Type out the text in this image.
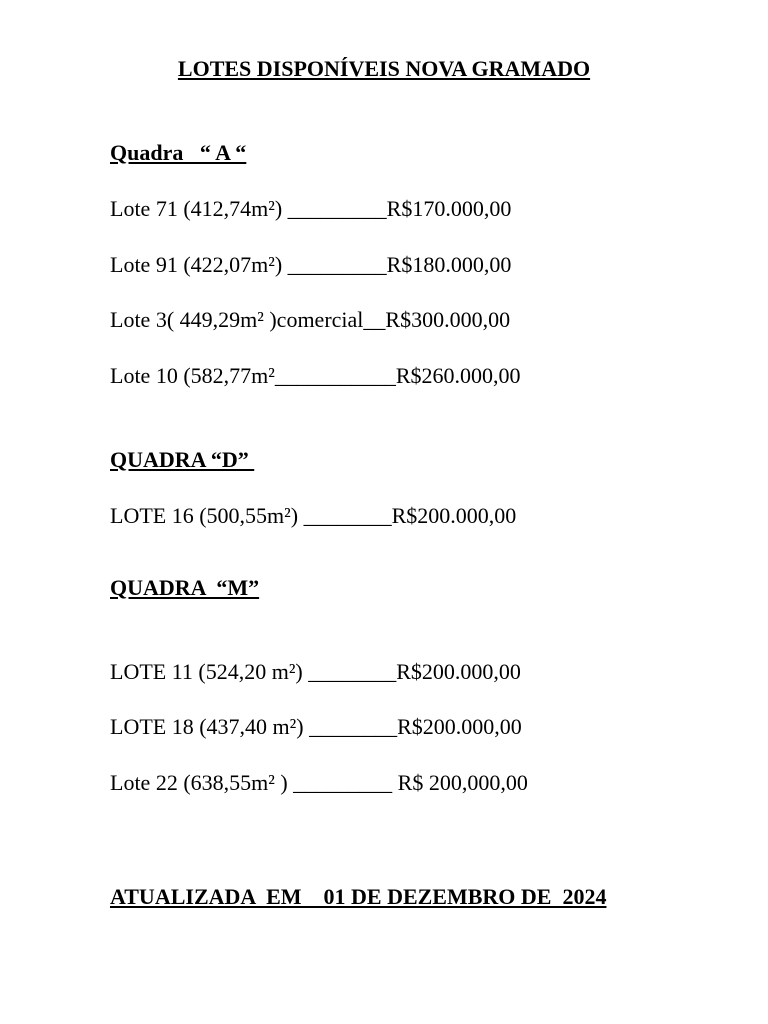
LOTES DISPONÍVEIS NOVA GRAMADO
Quadra   “ A “
Lote 71 (412,74m²) _________R$170.000,00
Lote 91 (422,07m²) _________R$180.000,00
Lote 3( 449,29m² )comercial__R$300.000,00
Lote 10 (582,77m²___________R$260.000,00
QUADRA “D”
LOTE 16 (500,55m²) ________R$200.000,00
QUADRA  “M”
LOTE 11 (524,20 m²) ________R$200.000,00
LOTE 18 (437,40 m²) ________R$200.000,00
Lote 22 (638,55m² ) _________ R$ 200,000,00
ATUALIZADA  EM    01 DE DEZEMBRO DE  2024
